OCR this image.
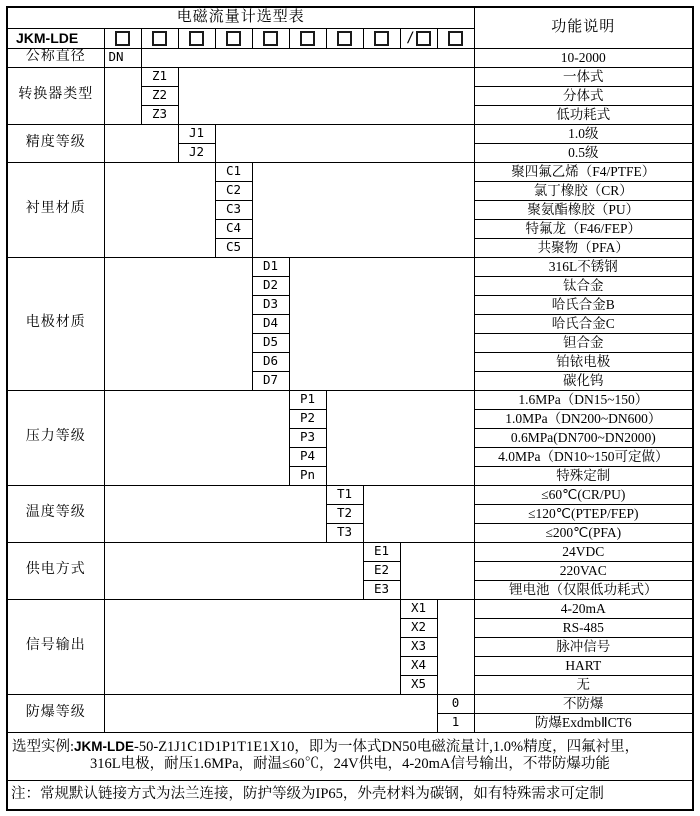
电磁流量计选型表											功能说明
JKM-LDE									/		
公称直径	DN										10-2000
转换器类型		Z1									一体式
		Z2									分体式
		Z3									低功耗式
精度等级			J1								1.0级
			J2								0.5级
衬里材质				C1							聚四氟乙烯（F4/PTFE）
				C2							氯丁橡胶（CR）
				C3							聚氨酯橡胶（PU）
				C4							特氟龙（F46/FEP）
				C5							共聚物（PFA）
电极材质					D1						316L不锈钢
					D2						钛合金
					D3						哈氏合金B
					D4						哈氏合金C
					D5						钽合金
					D6						铂铱电极
					D7						碳化钨
压力等级						P1					1.6MPa（DN15~150）
						P2					1.0MPa（DN200~DN600）
						P3					0.6MPa(DN700~DN2000)
						P4					4.0MPa（DN10~150可定做）
						Pn					特殊定制
温度等级							T1				≤60℃(CR/PU)
							T2				≤120℃(PTEP/FEP)
							T3				≤200℃(PFA)
供电方式								E1			24VDC
								E2			220VAC
								E3			锂电池（仅限低功耗式）
信号输出									X1		4-20mA
									X2		RS-485
									X3		脉冲信号
									X4		HART
									X5		无
防爆等级										0	不防爆
										1	防爆ExdmbⅡCT6

选型实例:JKM-LDE-50-Z1J1C1D1P1T1E1X10，即为一体式DN50电磁流量计,1.0%精度，四氟衬里，
316L电极，耐压1.6MPa，耐温≤60℃，24V供电，4-20mA信号输出，不带防爆功能											

注：常规默认链接方式为法兰连接，防护等级为IP65，外壳材料为碳钢，如有特殊需求可定制											
